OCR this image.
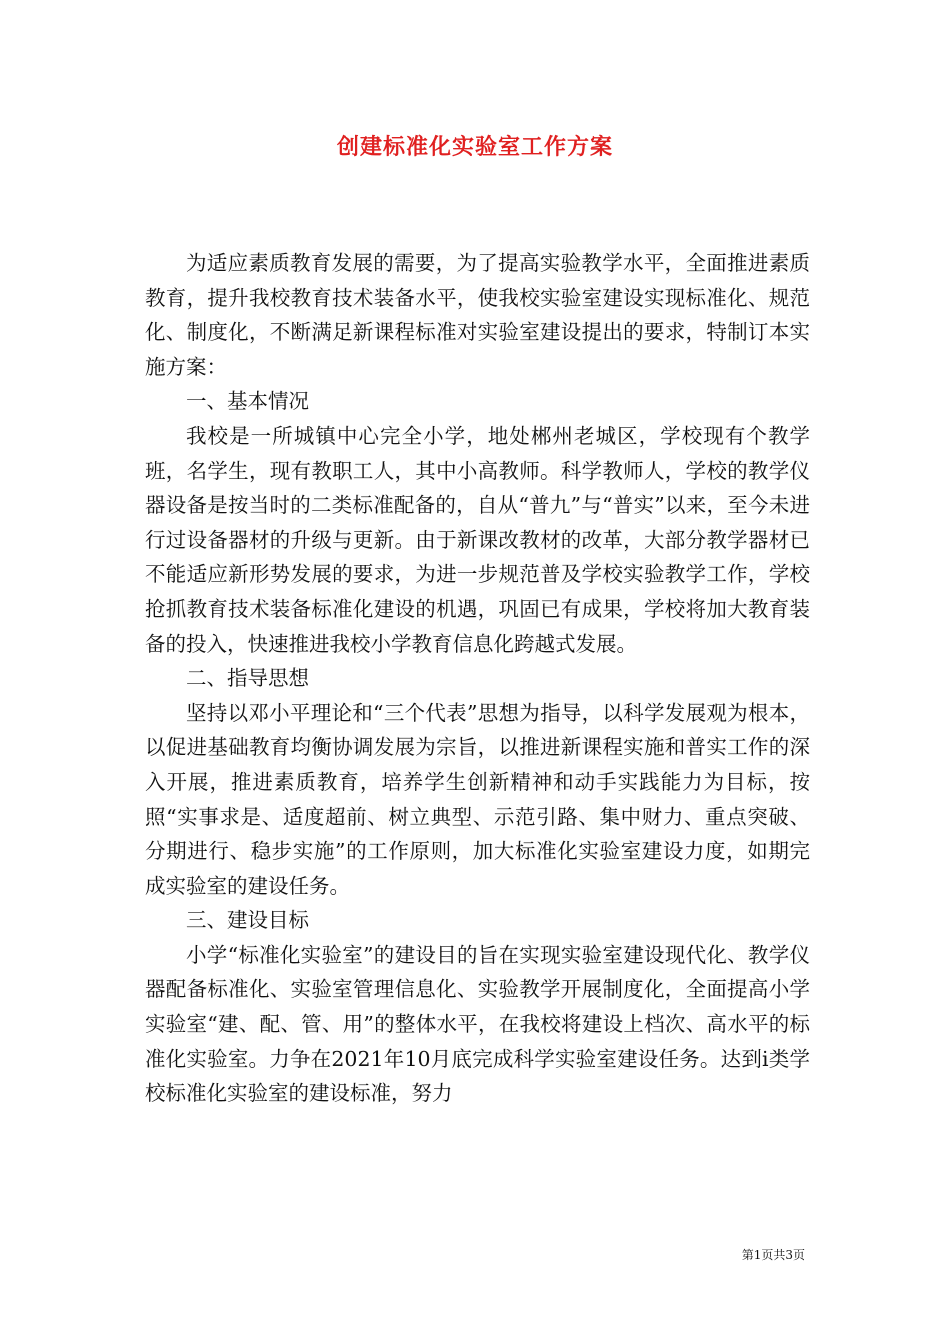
创建标准化实验室工作方案

为适应素质教育发展的需要，为了提高实验教学水平，全面推进素质教育，提升我校教育技术装备水平，使我校实验室建设实现标准化、规范化、制度化，不断满足新课程标准对实验室建设提出的要求，特制订本实施方案：

一、基本情况

我校是一所城镇中心完全小学，地处郴州老城区，学校现有个教学班，名学生，现有教职工人，其中小高教师。科学教师人，学校的教学仪器设备是按当时的二类标准配备的，自从“普九”与“普实”以来，至今未进行过设备器材的升级与更新。由于新课改教材的改革，大部分教学器材已不能适应新形势发展的要求，为进一步规范普及学校实验教学工作，学校抢抓教育技术装备标准化建设的机遇，巩固已有成果，学校将加大教育装备的投入，快速推进我校小学教育信息化跨越式发展。

二、指导思想

坚持以邓小平理论和“三个代表”思想为指导，以科学发展观为根本，以促进基础教育均衡协调发展为宗旨，以推进新课程实施和普实工作的深入开展，推进素质教育，培养学生创新精神和动手实践能力为目标，按照“实事求是、适度超前、树立典型、示范引路、集中财力、重点突破、分期进行、稳步实施”的工作原则，加大标准化实验室建设力度，如期完成实验室的建设任务。

三、建设目标

小学“标准化实验室”的建设目的旨在实现实验室建设现代化、教学仪器配备标准化、实验室管理信息化、实验教学开展制度化，全面提高小学实验室“建、配、管、用”的整体水平，在我校将建设上档次、高水平的标准化实验室。力争在2021年10月底完成科学实验室建设任务。达到ⅰ类学校标准化实验室的建设标准，努力

第1页共3页
